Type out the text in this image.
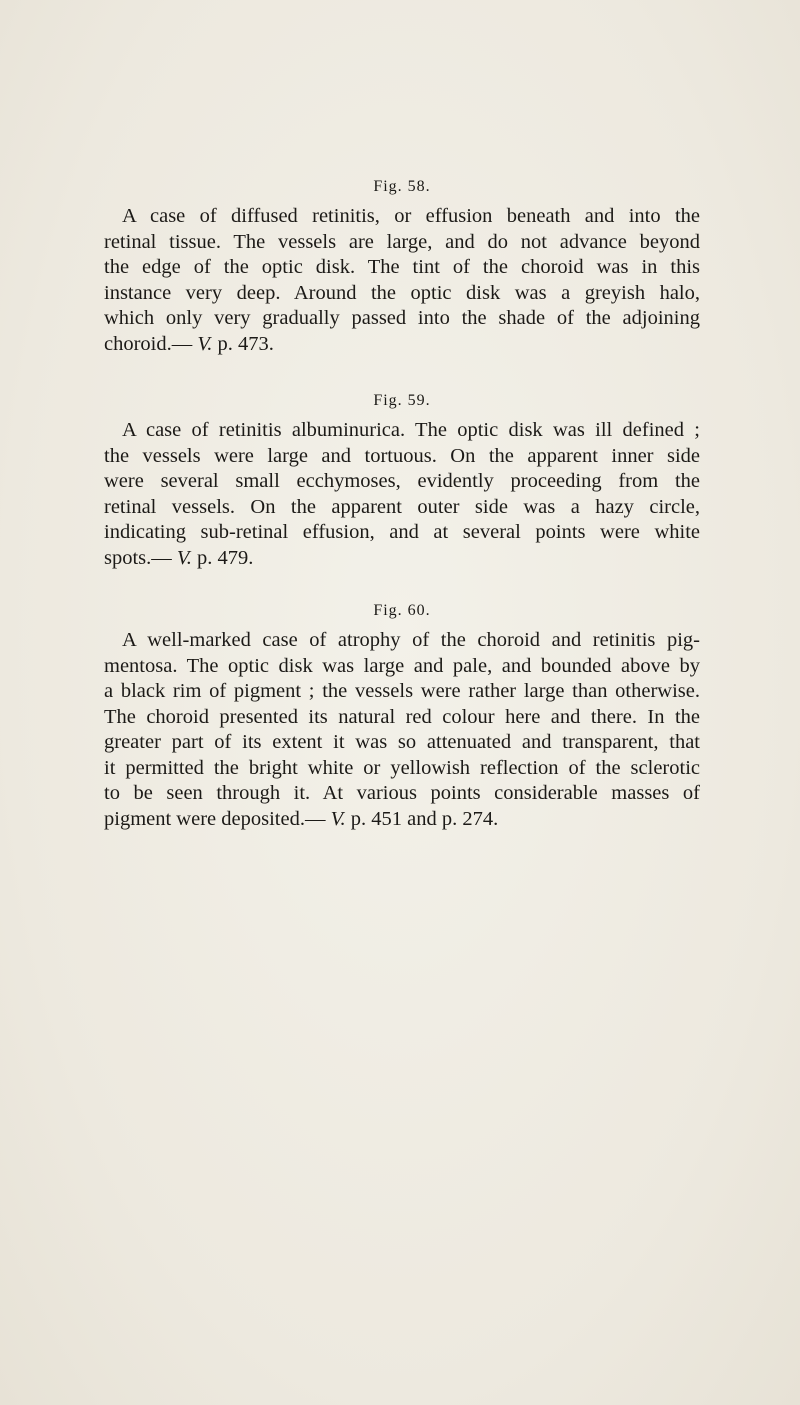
Fig. 58.

A case of diffused retinitis, or effusion beneath and into the
retinal tissue. The vessels are large, and do not advance beyond
the edge of the optic disk. The tint of the choroid was in this
instance very deep. Around the optic disk was a greyish halo,
which only very gradually passed into the shade of the adjoining
choroid.— V. p. 473.

Fig. 59.

A case of retinitis albuminurica. The optic disk was ill defined ;
the vessels were large and tortuous. On the apparent inner side
were several small ecchymoses, evidently proceeding from the
retinal vessels. On the apparent outer side was a hazy circle,
indicating sub-retinal effusion, and at several points were white
spots.— V. p. 479.

Fig. 60.

A well-marked case of atrophy of the choroid and retinitis pig-
mentosa. The optic disk was large and pale, and bounded above by
a black rim of pigment ; the vessels were rather large than otherwise.
The choroid presented its natural red colour here and there. In the
greater part of its extent it was so attenuated and transparent, that
it permitted the bright white or yellowish reflection of the sclerotic
to be seen through it. At various points considerable masses of
pigment were deposited.— V. p. 451 and p. 274.
